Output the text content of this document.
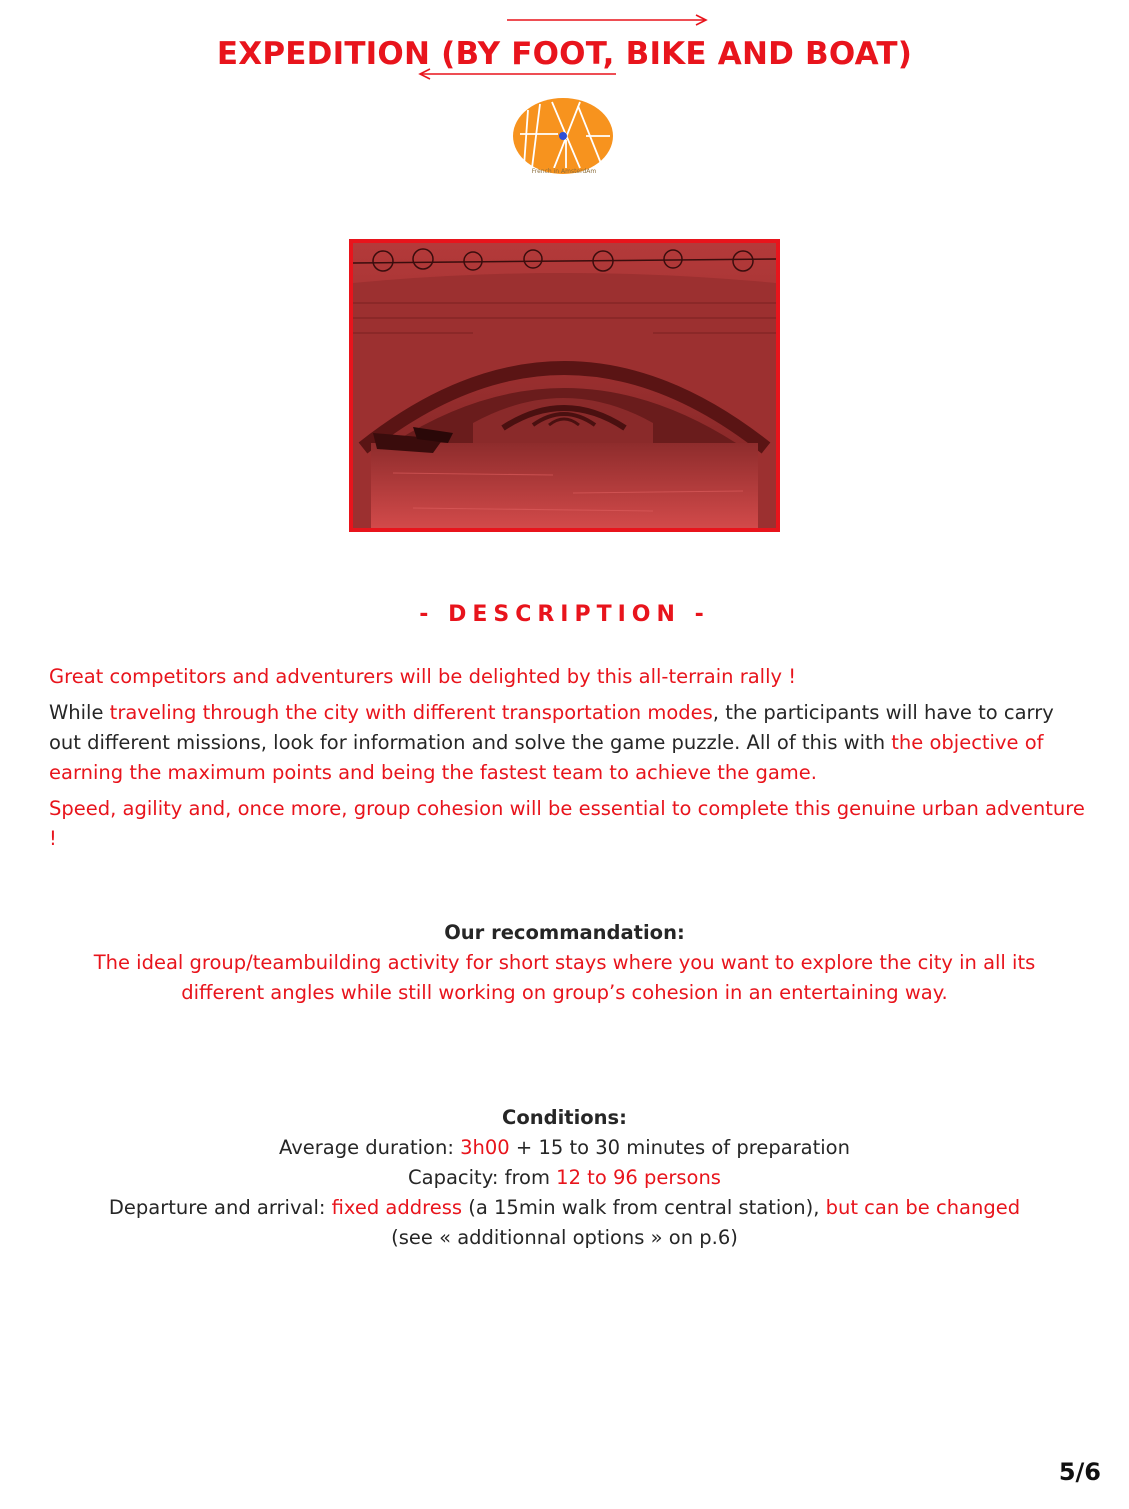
EXPEDITION (BY FOOT, BIKE AND BOAT)
French in AmsterdAm
- DESCRIPTION -

Great competitors and adventurers will be delighted by this all-terrain rally !

While traveling through the city with different transportation modes, the participants will have to carry out different missions, look for information and solve the game puzzle. All of this with the objective of earning the maximum points and being the fastest team to achieve the game.

Speed, agility and, once more, group cohesion will be essential to complete this genuine urban adventure !

Our recommandation:
The ideal group/teambuilding activity for short stays where you want to explore the city in all its different angles while still working on group’s cohesion in an entertaining way.
Conditions:
Average duration: 3h00 + 15 to 30 minutes of preparation
Capacity: from 12 to 96 persons
Departure and arrival: fixed address (a 15min walk from central station), but can be changed
(see « additionnal options » on p.6)
5/6
